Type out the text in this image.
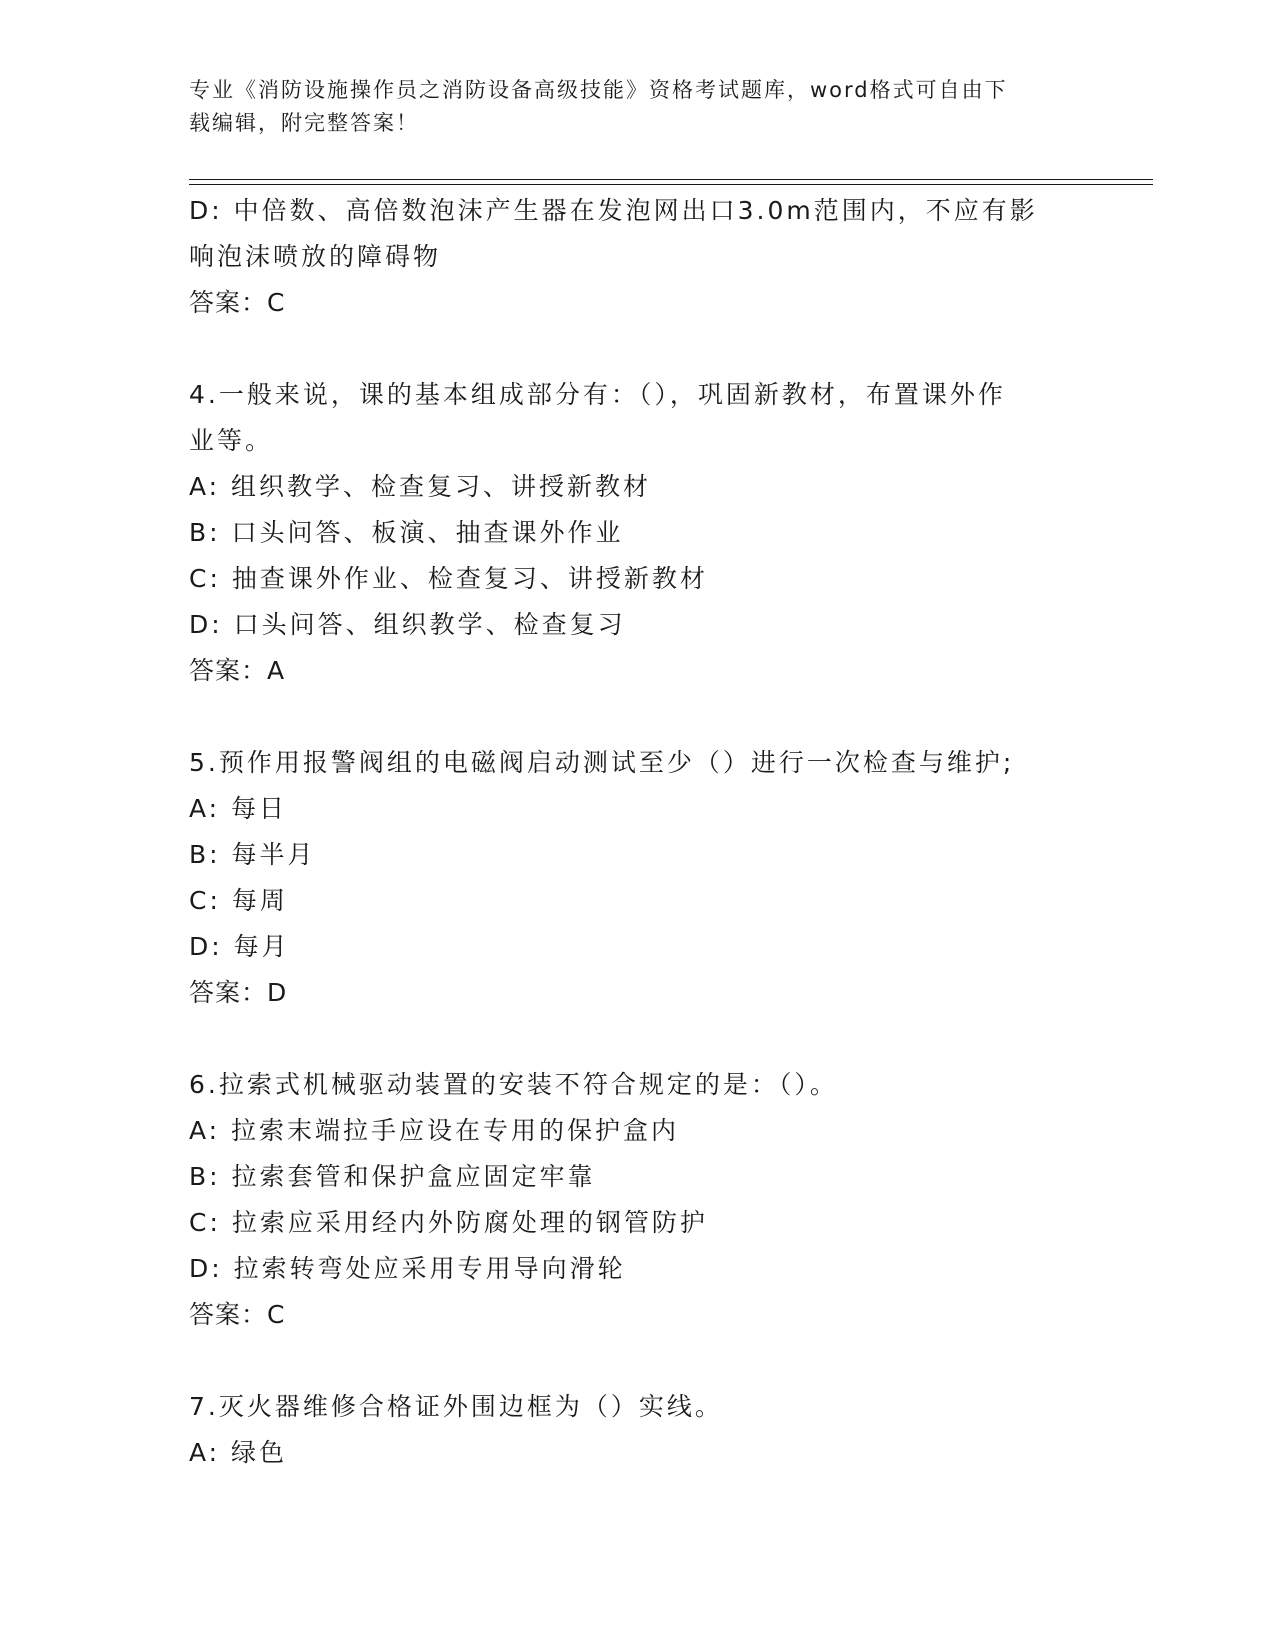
专业《消防设施操作员之消防设备高级技能》资格考试题库，word格式可自由下
载编辑，附完整答案！
D: 中倍数、高倍数泡沫产生器在发泡网出口3.0m范围内，不应有影
响泡沫喷放的障碍物
答案：C
4.一般来说，课的基本组成部分有：（），巩固新教材，布置课外作
业等。
A: 组织教学、检查复习、讲授新教材
B: 口头问答、板演、抽查课外作业
C: 抽查课外作业、检查复习、讲授新教材
D: 口头问答、组织教学、检查复习
答案：A
5.预作用报警阀组的电磁阀启动测试至少（）进行一次检查与维护;
A: 每日
B: 每半月
C: 每周
D: 每月
答案：D
6.拉索式机械驱动装置的安装不符合规定的是：（）。
A: 拉索末端拉手应设在专用的保护盒内
B: 拉索套管和保护盒应固定牢靠
C: 拉索应采用经内外防腐处理的钢管防护
D: 拉索转弯处应采用专用导向滑轮
答案：C
7.灭火器维修合格证外围边框为（）实线。
A: 绿色
